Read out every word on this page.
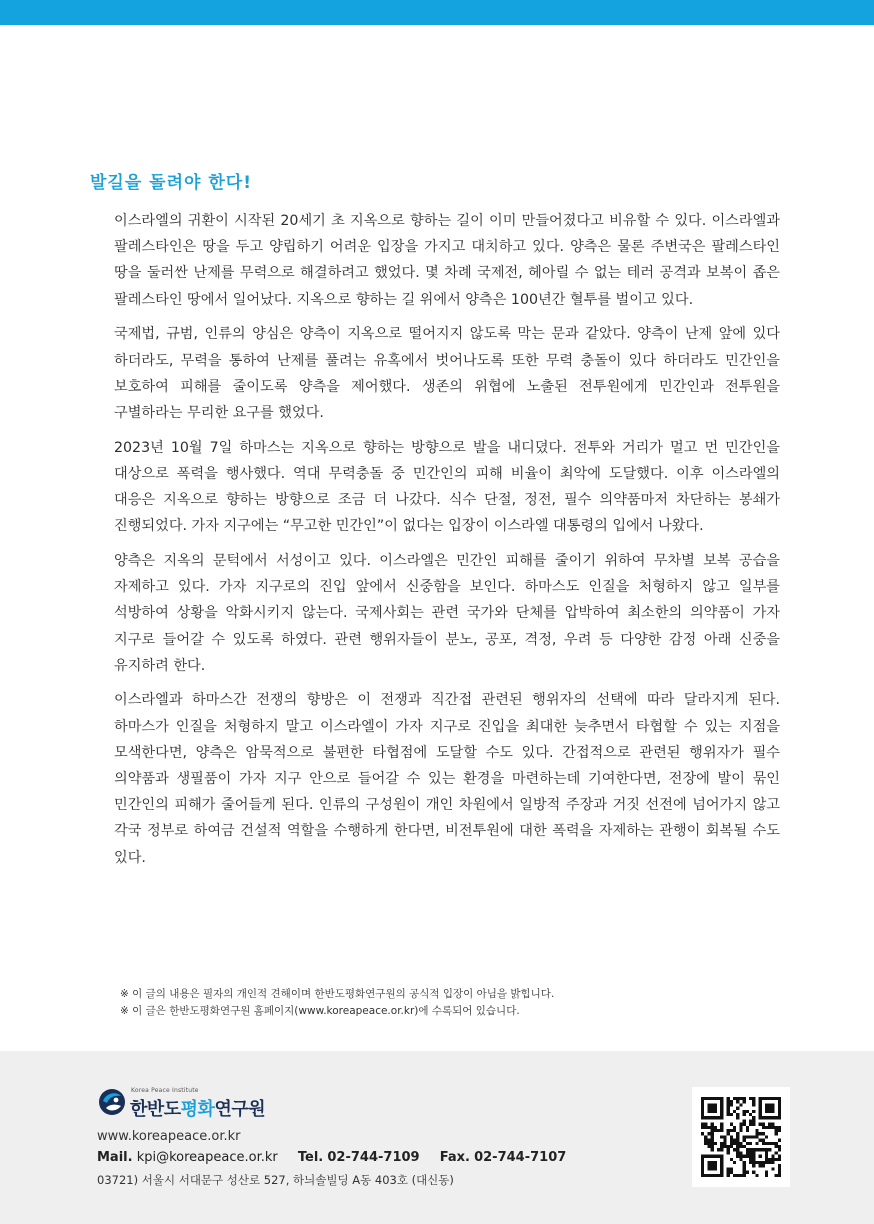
발길을 돌려야 한다!

이스라엘의 귀환이 시작된 20세기 초 지옥으로 향하는 길이 이미 만들어졌다고 비유할 수 있다. 이스라엘과 팔레스타인은 땅을 두고 양립하기 어려운 입장을 가지고 대치하고 있다. 양측은 물론 주변국은 팔레스타인 땅을 둘러싼 난제를 무력으로 해결하려고 했었다. 몇 차례 국제전, 헤아릴 수 없는 테러 공격과 보복이 좁은 팔레스타인 땅에서 일어났다. 지옥으로 향하는 길 위에서 양측은 100년간 혈투를 벌이고 있다.

국제법, 규범, 인류의 양심은 양측이 지옥으로 떨어지지 않도록 막는 문과 같았다. 양측이 난제 앞에 있다 하더라도, 무력을 통하여 난제를 풀려는 유혹에서 벗어나도록 또한 무력 충돌이 있다 하더라도 민간인을 보호하여 피해를 줄이도록 양측을 제어했다. 생존의 위협에 노출된 전투원에게 민간인과 전투원을 구별하라는 무리한 요구를 했었다.

2023년 10월 7일 하마스는 지옥으로 향하는 방향으로 발을 내디뎠다. 전투와 거리가 멀고 먼 민간인을 대상으로 폭력을 행사했다. 역대 무력충돌 중 민간인의 피해 비율이 최악에 도달했다. 이후 이스라엘의 대응은 지옥으로 향하는 방향으로 조금 더 나갔다. 식수 단절, 정전, 필수 의약품마저 차단하는 봉쇄가 진행되었다. 가자 지구에는 “무고한 민간인”이 없다는 입장이 이스라엘 대통령의 입에서 나왔다.

양측은 지옥의 문턱에서 서성이고 있다. 이스라엘은 민간인 피해를 줄이기 위하여 무차별 보복 공습을 자제하고 있다. 가자 지구로의 진입 앞에서 신중함을 보인다. 하마스도 인질을 처형하지 않고 일부를 석방하여 상황을 악화시키지 않는다. 국제사회는 관련 국가와 단체를 압박하여 최소한의 의약품이 가자 지구로 들어갈 수 있도록 하였다. 관련 행위자들이 분노, 공포, 격정, 우려 등 다양한 감정 아래 신중을 유지하려 한다.

이스라엘과 하마스간 전쟁의 향방은 이 전쟁과 직간접 관련된 행위자의 선택에 따라 달라지게 된다. 하마스가 인질을 처형하지 말고 이스라엘이 가자 지구로 진입을 최대한 늦추면서 타협할 수 있는 지점을 모색한다면, 양측은 암묵적으로 불편한 타협점에 도달할 수도 있다. 간접적으로 관련된 행위자가 필수 의약품과 생필품이 가자 지구 안으로 들어갈 수 있는 환경을 마련하는데 기여한다면, 전장에 발이 묶인 민간인의 피해가 줄어들게 된다. 인류의 구성원이 개인 차원에서 일방적 주장과 거짓 선전에 넘어가지 않고 각국 정부로 하여금 건설적 역할을 수행하게 한다면, 비전투원에 대한 폭력을 자제하는 관행이 회복될 수도 있다.

※ 이 글의 내용은 필자의 개인적 견해이며 한반도평화연구원의 공식적 입장이 아님을 밝힙니다.
※ 이 글은 한반도평화연구원 홈페이지(www.koreapeace.or.kr)에 수록되어 있습니다.
Korea Peace Institute
한반도평화연구원
www.koreapeace.or.kr
Mail. kpi@koreapeace.or.kr Tel. 02-744-7109 Fax. 02-744-7107
03721) 서울시 서대문구 성산로 527, 하늬솔빌딩 A동 403호 (대신동)
